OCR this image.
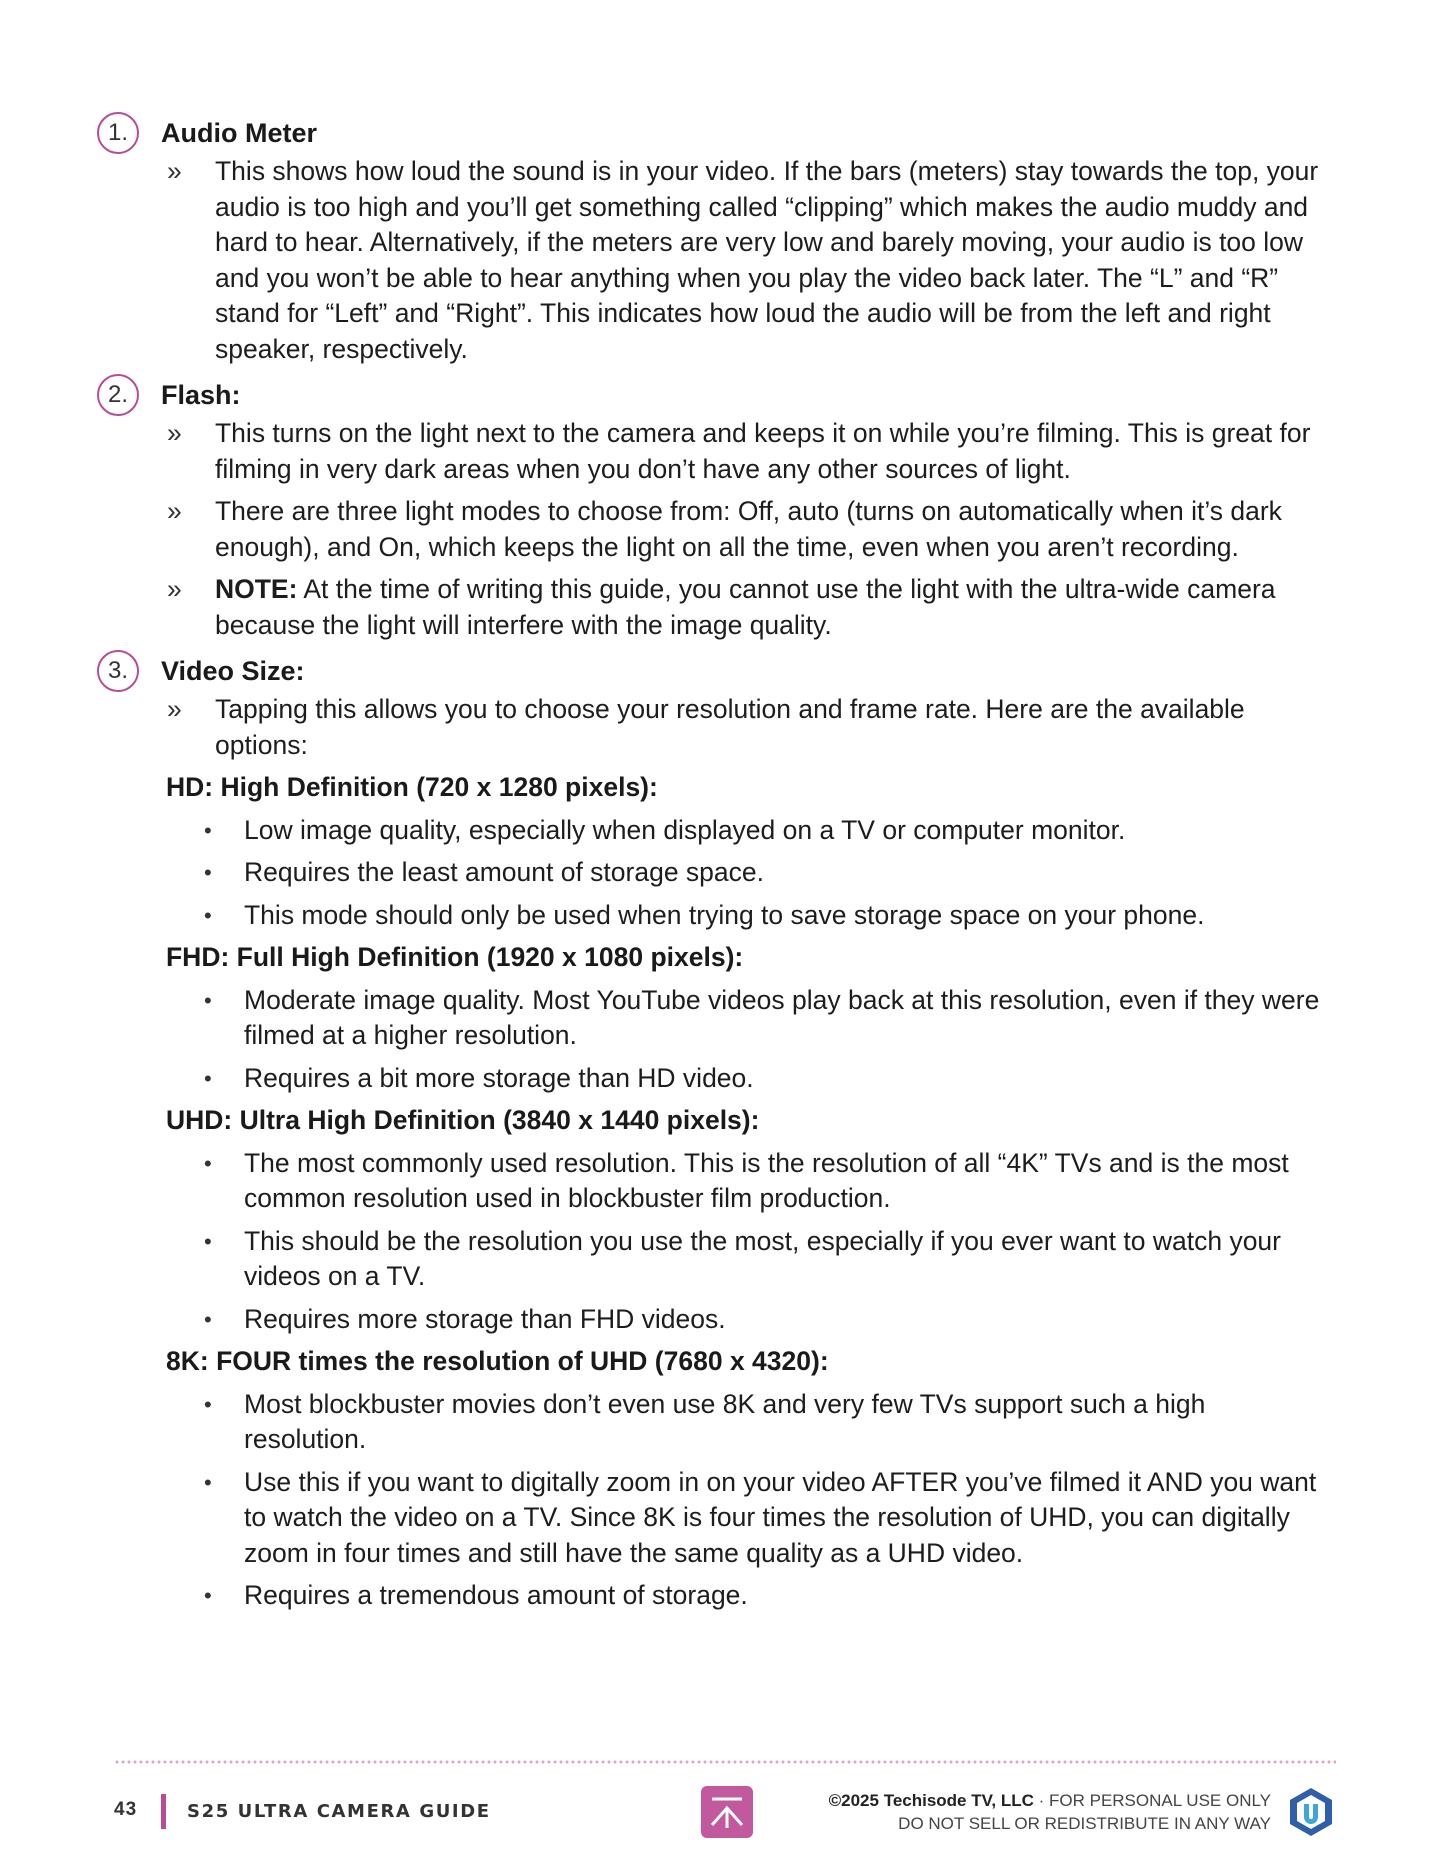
1.	Audio Meter
»	This shows how loud the sound is in your video. If the bars (meters) stay towards the top, your audio is too high and you’ll get something called “clipping” which makes the audio muddy and hard to hear. Alternatively, if the meters are very low and barely moving, your audio is too low and you won’t be able to hear anything when you play the video back later. The “L” and “R” stand for “Left” and “Right”. This indicates how loud the audio will be from the left and right speaker, respectively.
2.	Flash:
»	This turns on the light next to the camera and keeps it on while you’re filming. This is great for filming in very dark areas when you don’t have any other sources of light.
»	There are three light modes to choose from: Off, auto (turns on automatically when it’s dark enough), and On, which keeps the light on all the time, even when you aren’t recording.
»	NOTE: At the time of writing this guide, you cannot use the light with the ultra-wide camera because the light will interfere with the image quality.
3.	Video Size:
»	Tapping this allows you to choose your resolution and frame rate. Here are the available options:
HD: High Definition (720 x 1280 pixels):
•	Low image quality, especially when displayed on a TV or computer monitor.
•	Requires the least amount of storage space.
•	This mode should only be used when trying to save storage space on your phone.
FHD: Full High Definition (1920 x 1080 pixels):
•	Moderate image quality. Most YouTube videos play back at this resolution, even if they were filmed at a higher resolution.
•	Requires a bit more storage than HD video.
UHD: Ultra High Definition (3840 x 1440 pixels):
•	The most commonly used resolution. This is the resolution of all “4K” TVs and is the most common resolution used in blockbuster film production.
•	This should be the resolution you use the most, especially if you ever want to watch your videos on a TV.
•	Requires more storage than FHD videos.
8K: FOUR times the resolution of UHD (7680 x 4320):
•	Most blockbuster movies don’t even use 8K and very few TVs support such a high resolution.
•	Use this if you want to digitally zoom in on your video AFTER you’ve filmed it AND you want to watch the video on a TV. Since 8K is four times the resolution of UHD, you can digitally zoom in four times and still have the same quality as a UHD video.
•	Requires a tremendous amount of storage.
43	S25 ULTRA CAMERA GUIDE
©2025 Techisode TV, LLC · FOR PERSONAL USE ONLY
DO NOT SELL OR REDISTRIBUTE IN ANY WAY
